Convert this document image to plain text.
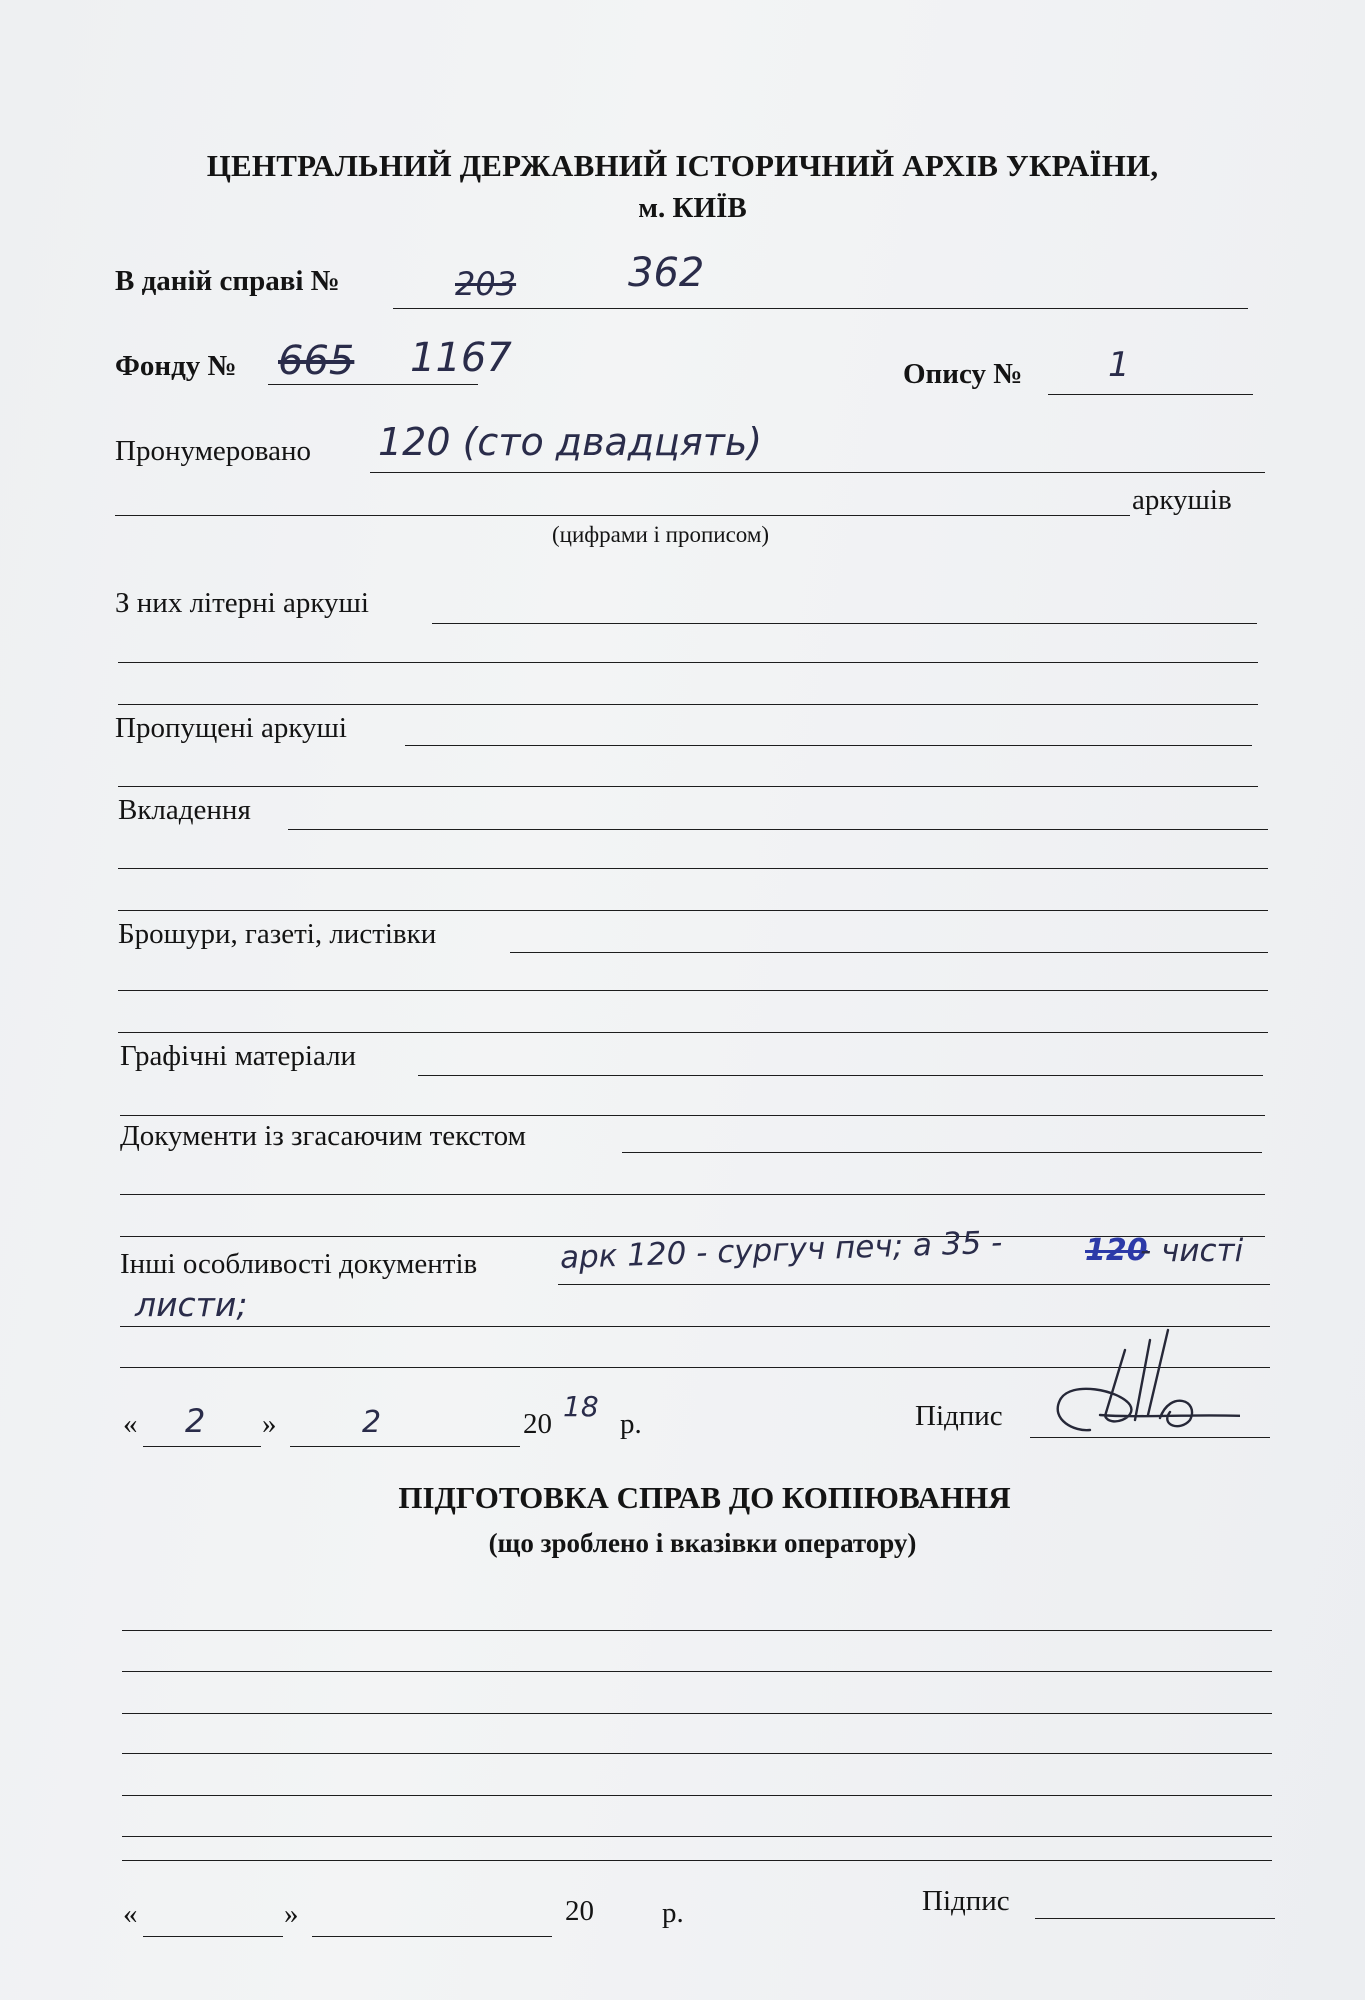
ЦЕНТРАЛЬНИЙ ДЕРЖАВНИЙ ІСТОРИЧНИЙ АРХІВ УКРАЇНИ,
м. КИЇВ
В даній справі №	203	362
Фонду № 665 1167	Опису №	1
Пронумеровано 120 (сто двадцять)
аркушів
(цифрами і прописом)
З них літерні аркуші
Пропущені аркуші
Вкладення
Брошури, газеті, листівки
Графічні матеріали
Документи із згасаючим текстом
Інші особливості документів	арк 120 - сургуч печ; а 35 -	120
- чисті
листи;
« 2 »	2	20
18
р.	Підпис
ПІДГОТОВКА СПРАВ ДО КОПІЮВАННЯ
(що зроблено і вказівки оператору)
«	»	20 р.	Підпис
